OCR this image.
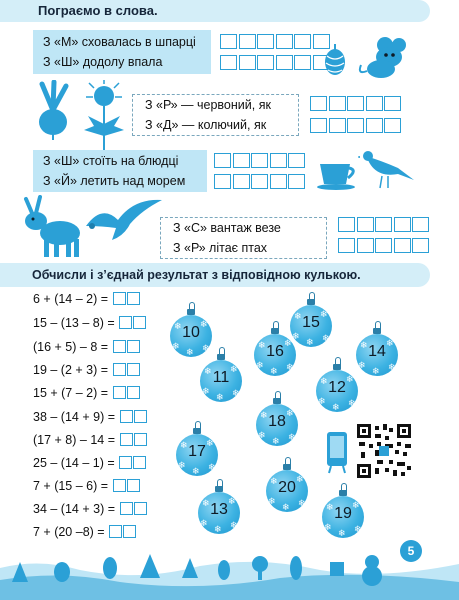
Пограємо в слова.
З «М» сховалась в шпарці
З «Ш» додолу впала
З «Р» — червоний, як
З «Д» — колючий, як
З «Ш» стоїть на блюдці
З «Й» летить над морем
З «С» вантаж везе
З «Р» літає птах
Обчисли і з’єднай результат з відповідною кулькою.
6 + (14 – 2) =
15 – (13 – 8) =
(16 + 5) – 8 =
19 – (2 + 3) =
15 + (7 – 2) =
38 – (14 + 9) =
(17 + 8) – 14 =
25 – (14 – 1) =
7 + (15 – 6) =
34 – (14 + 3) =
7 + (20 –8) =
10
❄ ❄
❄ ❄
❄
15
❄ ❄
❄ ❄
❄
16
❄ ❄
❄ ❄
❄
14
❄ ❄
❄ ❄
❄
11
❄ ❄
❄ ❄
❄
12
❄ ❄
❄ ❄
❄
18
❄ ❄
❄ ❄
❄
17
❄ ❄
❄ ❄
❄
20
❄ ❄
❄ ❄
❄
13
❄ ❄
❄ ❄
❄
19
❄ ❄
❄ ❄
❄
5
